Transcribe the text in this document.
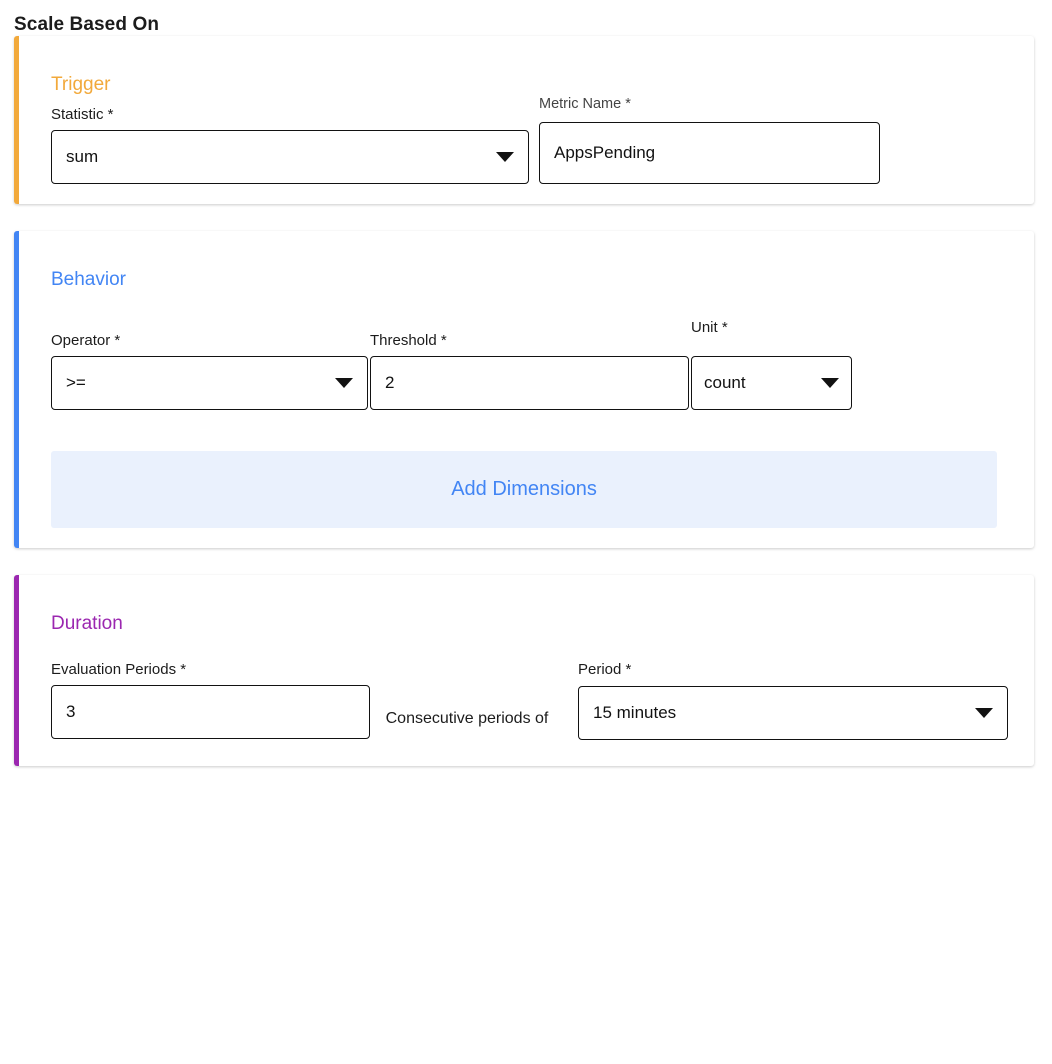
Scale Based On
Trigger
Statistic *
sum
Metric Name *
AppsPending
Behavior
Operator *
>=
Threshold *
2
Unit *
count
Add Dimensions
Duration
Evaluation Periods *
3	Consecutive periods of
Period *
15 minutes
